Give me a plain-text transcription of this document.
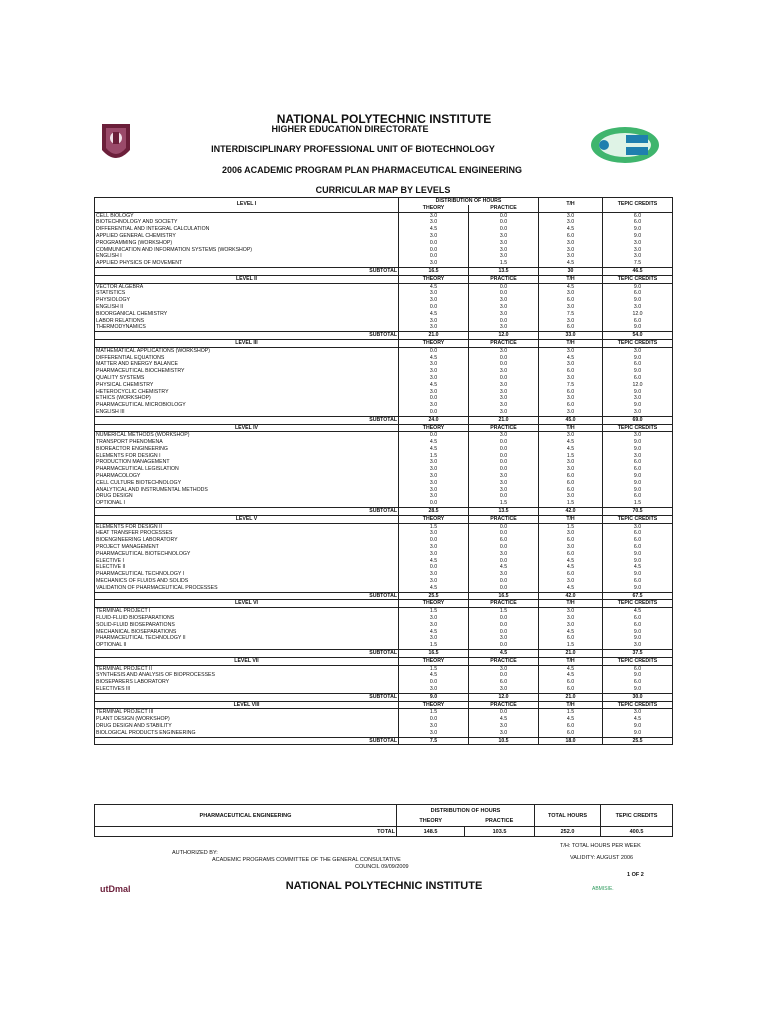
NATIONAL POLYTECHNIC INSTITUTE
HIGHER EDUCATION DIRECTORATE
INTERDISCIPLINARY PROFESSIONAL UNIT OF BIOTECHNOLOGY
2006 ACADEMIC PROGRAM PLAN PHARMACEUTICAL ENGINEERING
CURRICULAR MAP BY LEVELS
LEVEL I	DISTRIBUTION OF HOURS		T/H	TEPIC CREDITS
	THEORY	PRACTICE		
CELL BIOLOGY	3.0	0.0	3.0	6.0
BIOTECHNOLOGY AND SOCIETY	3.0	0.0	3.0	6.0
DIFFERENTIAL AND INTEGRAL CALCULATION	4.5	0.0	4.5	9.0
APPLIED GENERAL CHEMISTRY	3.0	3.0	6.0	9.0
PROGRAMMING (WORKSHOP)	0.0	3.0	3.0	3.0
COMMUNICATION AND INFORMATION SYSTEMS (WORKSHOP)	0.0	3.0	3.0	3.0
ENGLISH I	0.0	3.0	3.0	3.0
APPLIED PHYSICS OF MOVEMENT	3.0	1.5	4.5	7.5
SUBTOTAL	16.5	13.5	30	46.5
LEVEL II	THEORY	PRACTICE	T/H	TEPIC CREDITS
VECTOR ALGEBRA	4.5	0.0	4.5	9.0
STATISTICS	3.0	0.0	3.0	6.0
PHYSIOLOGY	3.0	3.0	6.0	9.0
ENGLISH II	0.0	3.0	3.0	3.0
BIOORGANICAL CHEMISTRY	4.5	3.0	7.5	12.0
LABOR RELATIONS	3.0	0.0	3.0	6.0
THERMODYNAMICS	3.0	3.0	6.0	9.0
SUBTOTAL	21.0	12.0	33.0	54.0
LEVEL III	THEORY	PRACTICE	T/H	TEPIC CREDITS
MATHEMATICAL APPLICATIONS (WORKSHOP)	0.0	3.0	3.0	3.0
DIFFERENTIAL EQUATIONS	4.5	0.0	4.5	9.0
MATTER AND ENERGY BALANCE	3.0	0.0	3.0	6.0
PHARMACEUTICAL BIOCHEMISTRY	3.0	3.0	6.0	9.0
QUALITY SYSTEMS	3.0	0.0	3.0	6.0
PHYSICAL CHEMISTRY	4.5	3.0	7.5	12.0
HETEROCYCLIC CHEMISTRY	3.0	3.0	6.0	9.0
ETHICS (WORKSHOP)	0.0	3.0	3.0	3.0
PHARMACEUTICAL MICROBIOLOGY	3.0	3.0	6.0	9.0
ENGLISH III	0.0	3.0	3.0	3.0
SUBTOTAL	24.0	21.0	45.0	69.0
LEVEL IV	THEORY	PRACTICE	T/H	TEPIC CREDITS
NUMERICAL METHODS (WORKSHOP)	0.0	3.0	3.0	3.0
TRANSPORT PHENOMENA	4.5	0.0	4.5	9.0
BIOREACTOR ENGINEERING	4.5	0.0	4.5	9.0
ELEMENTS FOR DESIGN I	1.5	0.0	1.5	3.0
PRODUCTION MANAGEMENT	3.0	0.0	3.0	6.0
PHARMACEUTICAL LEGISLATION	3.0	0.0	3.0	6.0
PHARMACOLOGY	3.0	3.0	6.0	9.0
CELL CULTURE BIOTECHNOLOGY	3.0	3.0	6.0	9.0
ANALYTICAL AND INSTRUMENTAL METHODS	3.0	3.0	6.0	9.0
DRUG DESIGN	3.0	0.0	3.0	6.0
OPTIONAL I	0.0	1.5	1.5	1.5
SUBTOTAL	28.5	13.5	42.0	70.5
LEVEL V	THEORY	PRACTICE	T/H	TEPIC CREDITS
ELEMENTS FOR DESIGN II	1.5	0.0	1.5	3.0
HEAT TRANSFER PROCESSES	3.0	0.0	3.0	6.0
BIOENGINEERING LABORATORY	0.0	6.0	6.0	6.0
PROJECT MANAGEMENT	3.0	0.0	3.0	6.0
PHARMACEUTICAL BIOTECHNOLOGY	3.0	3.0	6.0	9.0
ELECTIVE I	4.5	0.0	4.5	9.0
ELECTIVE II	0.0	4.5	4.5	4.5
PHARMACEUTICAL TECHNOLOGY I	3.0	3.0	6.0	9.0
MECHANICS OF FLUIDS AND SOLIDS	3.0	0.0	3.0	6.0
VALIDATION OF PHARMACEUTICAL PROCESSES	4.5	0.0	4.5	9.0
SUBTOTAL	25.5	16.5	42.0	67.5
LEVEL VI	THEORY	PRACTICE	T/H	TEPIC CREDITS
TERMINAL PROJECT I	1.5	1.5	3.0	4.5
FLUID-FLUID BIOSEPARATIONS	3.0	0.0	3.0	6.0
SOLID-FLUID BIOSEPARATIONS	3.0	0.0	3.0	6.0
MECHANICAL BIOSEPARATIONS	4.5	0.0	4.5	9.0
PHARMACEUTICAL TECHNOLOGY II	3.0	3.0	6.0	9.0
OPTIONAL II	1.5	0.0	1.5	3.0
SUBTOTAL	16.5	4.5	21.0	37.5
LEVEL VII	THEORY	PRACTICE	T/H	TEPIC CREDITS
TERMINAL PROJECT II	1.5	3.0	4.5	6.0
SYNTHESIS AND ANALYSIS OF BIOPROCESSES	4.5	0.0	4.5	9.0
BIOSEPARERS LABORATORY	0.0	6.0	6.0	6.0
ELECTIVES III	3.0	3.0	6.0	9.0
SUBTOTAL	9.0	12.0	21.0	30.0
LEVEL VIII	THEORY	PRACTICE	T/H	TEPIC CREDITS
TERMINAL PROJECT III	1.5	0.0	1.5	3.0
PLANT DESIGN (WORKSHOP)	0.0	4.5	4.5	4.5
DRUG DESIGN AND STABILITY	3.0	3.0	6.0	9.0
BIOLOGICAL PRODUCTS ENGINEERING	3.0	3.0	6.0	9.0
SUBTOTAL	7.5	10.5	18.0	25.5
PHARMACEUTICAL ENGINEERING	DISTRIBUTION OF HOURS		TOTAL HOURS	TEPIC CREDITS
	THEORY	PRACTICE		
TOTAL	148.5	103.5	252.0	400.5
AUTHORIZED BY:
ACADEMIC PROGRAMS COMMITTEE OF THE GENERAL CONSULTATIVE
COUNCIL 09/09/2009
T/H: TOTAL HOURS PER WEEK
VALIDITY: AUGUST 2006
1 OF 2
utDmal	NATIONAL POLYTECHNIC INSTITUTE	ABMISIE.
